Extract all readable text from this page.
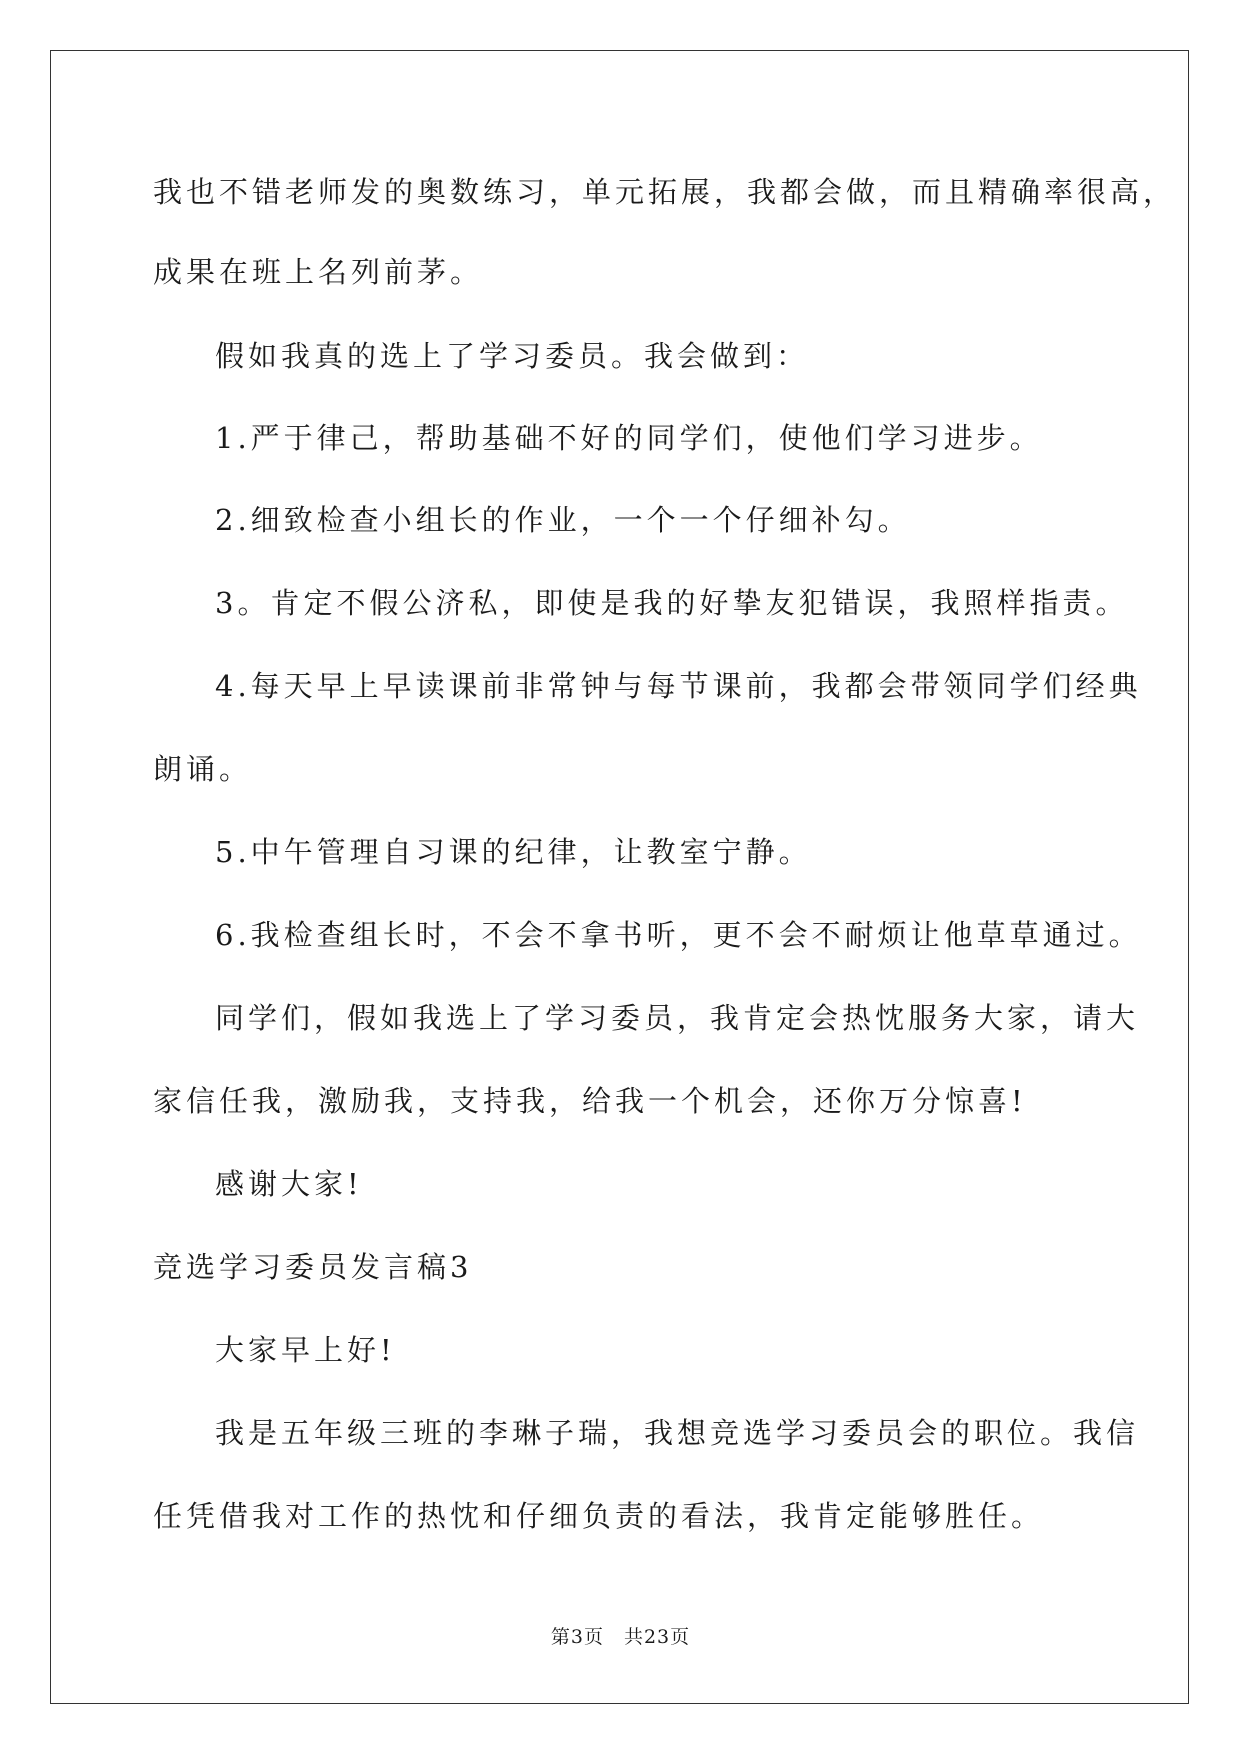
我也不错老师发的奥数练习，单元拓展，我都会做，而且精确率很高，
成果在班上名列前茅。
假如我真的选上了学习委员。我会做到：
1.严于律己，帮助基础不好的同学们，使他们学习进步。
2.细致检查小组长的作业，一个一个仔细补勾。
3。肯定不假公济私，即使是我的好挚友犯错误，我照样指责。
4.每天早上早读课前非常钟与每节课前，我都会带领同学们经典
朗诵。
5.中午管理自习课的纪律，让教室宁静。
6.我检查组长时，不会不拿书听，更不会不耐烦让他草草通过。
同学们，假如我选上了学习委员，我肯定会热忱服务大家，请大
家信任我，激励我，支持我，给我一个机会，还你万分惊喜!
感谢大家!
竞选学习委员发言稿3
大家早上好!
我是五年级三班的李琳子瑞，我想竞选学习委员会的职位。我信
任凭借我对工作的热忱和仔细负责的看法，我肯定能够胜任。
第3页　共23页
